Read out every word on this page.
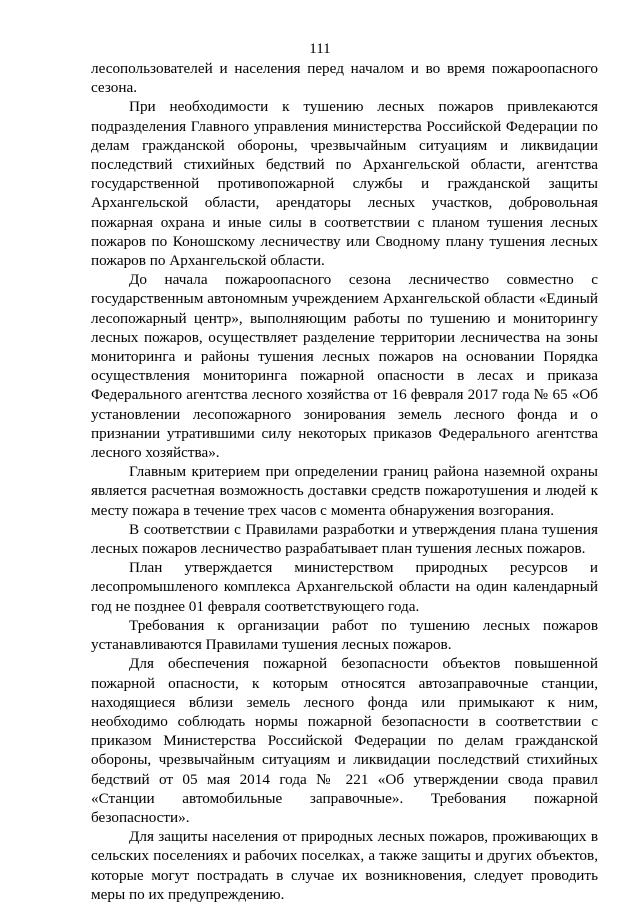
111

лесопользователей и населения перед началом и во время пожароопасного сезона.

При необходимости к тушению лесных пожаров привлекаются подразделения Главного управления министерства Российской Федерации по делам гражданской обороны, чрезвычайным ситуациям и ликвидации последствий стихийных бедствий по Архангельской области, агентства государственной противопожарной службы и гражданской защиты Архангельской области, арендаторы лесных участков, добровольная пожарная охрана и иные силы в соответствии с планом тушения лесных пожаров по Коношскому лесничеству или Сводному плану тушения лесных пожаров по Архангельской области.

До начала пожароопасного сезона лесничество совместно с государственным автономным учреждением Архангельской области «Единый лесопожарный центр», выполняющим работы по тушению и мониторингу лесных пожаров, осуществляет разделение территории лесничества на зоны мониторинга и районы тушения лесных пожаров на основании Порядка осуществления мониторинга пожарной опасности в лесах и приказа Федерального агентства лесного хозяйства от 16 февраля 2017 года № 65 «Об установлении лесопожарного зонирования земель лесного фонда и о признании утратившими силу некоторых приказов Федерального агентства лесного хозяйства».

Главным критерием при определении границ района наземной охраны является расчетная возможность доставки средств пожаротушения и людей к месту пожара в течение трех часов с момента обнаружения возгорания.

В соответствии с Правилами разработки и утверждения плана тушения лесных пожаров лесничество разрабатывает план тушения лесных пожаров.

План утверждается министерством природных ресурсов и лесопромышленого комплекса Архангельской области на один календарный год не позднее 01 февраля соответствующего года.

Требования к организации работ по тушению лесных пожаров устанавливаются Правилами тушения лесных пожаров.

Для обеспечения пожарной безопасности объектов повышенной пожарной опасности, к которым относятся автозаправочные станции, находящиеся вблизи земель лесного фонда или примыкают к ним, необходимо соблюдать нормы пожарной безопасности в соответствии с приказом Министерства Российской Федерации по делам гражданской обороны, чрезвычайным ситуациям и ликвидации последствий стихийных бедствий от 05 мая 2014 года № 221 «Об утверждении свода правил «Станции автомобильные заправочные». Требования пожарной безопасности».

Для защиты населения от природных лесных пожаров, проживающих в сельских поселениях и рабочих поселках, а также защиты и других объектов, которые могут пострадать в случае их возникновения, следует проводить меры по их предупреждению.
